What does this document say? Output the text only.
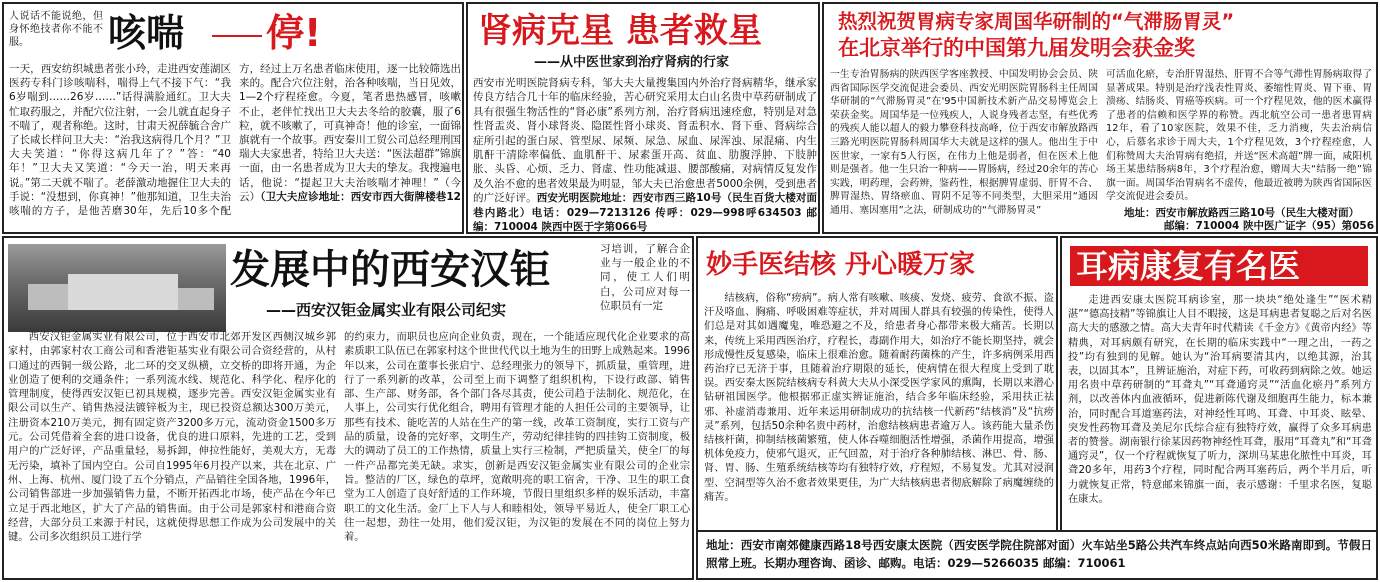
人说话不能说绝，但身怀绝技者你不能不服。	咳喘 停!

一天，西安纺织城患者张小玲，走进西安莲湖区医药专科门诊咳喘科，喘得上气不接下气：“我6岁喘到……26岁……”话得满脸通红。卫大夫忙取药服之，并配穴位注射，一会儿就直起身子不喘了，观者称绝。这时，甘肃天祝薛毓合舍广了长咸长样问卫大夫：“治我这病得几个月？”卫大夫笑道：“你得这病几年了？”答：“40年！”卫大夫又笑道：“今天一治，明天来再说。”第二天就不喘了。老薛激动地握住卫大夫的手说：“没想到，你真神！”他那知道，卫生夫治咳喘的方子，是他苦磨30年，先后10多个配方，经过上万名患者临床使用，逐一比较筛选出来的。配合穴位注射，治各种咳喘，当日见效，1—2个疗程痊愈。今夏，笔者患热感冒，咳嗽不止，老伴忙找出卫大夫去冬给的胶囊，服了6粒，就不咳嗽了，可真神奇！他的诊室，一面锦旗就有一个故事。西安秦川工贸公司总经理刑国瑞大夫家患者，特给卫大夫送：“医法超群”锦旗一面，由一名患者成为卫大夫的挚友。我搜遍电话，他说：“提起卫大夫治咳喘才神哩！”（今云）（卫大夫应诊地址：西安市西大街牌楼巷12

肾病克星 患者救星
——从中医世家到治疗肾病的行家

西安市光明医院肾病专科，邹大夫大量搜集国内外治疗肾病精华，继承家传良方结合几十年的临床经验，苦心研究采用太白山名贵中草药研制成了具有很强生物活性的“肾必康”系列方剂，治疗肾病迅速痊愈，特别是对急性肾盂炎、肾小球肾炎、隐匿性肾小球炎、肾盂积水、肾下垂、肾病综合症所引起的蛋白尿、管型尿、尿频、尿急、尿血、尿浑浊、尿混痛、内生肌酐干清除率偏低、血肌酐干、尿素蛋开高、贫血、肋腹浮肿、下肢肿胀、头昏、心烦、乏力、肾虚、性功能减退、腰部酸痛，对病情反复发作及久治不愈的患者效果最为明显，邹大夫已治愈患者5000余例，受到患者的广泛好评。西安光明医院地址：西安市西三路10号（民生百货大楼对面巷内路北）电话：029—7213126 传呼：029—998呼634503 邮编：710004 陕西中医于字第066号

热烈祝贺胃病专家周国华研制的“气滞肠胃灵”
在北京举行的中国第九届发明会获金奖

一生专治胃肠病的陕西医学客座教授、中国发明协会会员、陕西省国际医学交流促进会委员、西安光明医院胃肠科主任周国华研制的“气滞肠胃灵”在'95中国新技术新产品交易博览会上荣获金奖。周国华是一位残疾人，人说身残者志坚，有些优秀的残疾人能以超人的毅力攀登科技高峰，位于西安市解放路西三路光明医院胃肠科周国华大夫就是这样的强人。他出生于中医世家，一家有5人行医，在伟力上他是弱者，但在医术上他则是强者。他一生只治一种病——胃肠病，经过20余年的苦心实践，明药理，会药辨，鉴药性，根据脾胃虚弱、肝胃不合、脾胃湿热、胃络瘀血、胃阴不足等不同类型，大胆采用“通因通用、塞因塞用”之法，研制成功的“气滞肠胃灵”

可活血化瘀，专治肝胃湿热、肝胃不合等气滞性胃肠病取得了显著成果。特别是治疗浅表性胃炎、萎缩性胃炎、胃下垂、胃溃疡、结肠炎、胃癌等疾病。可一个疗程见效，他的医术赢得了患者的信赖和医学界的称赞。西北航空公司一患者患胃病12年，看了10家医院，效果不佳，乏力消瘦，失去治病信心，后慕名求诊于周大夫，1个疗程见效，3个疗程痊愈，人们称赞周大夫治胃病有绝招，并送“医术高超”牌一面，咸阳机场王某患结肠病8年，3个疗程治愈，赠周大夫“结肠一绝”锦旗一面。周国华治胃病名不虚传，他最近被聘为陕西省国际医学交流促进会委员。

地址：西安市解放路西三路10号（民生大楼对面）
邮编：710004 陕中医广证字（95）第056
发展中的西安汉钜
——西安汉钜金属实业有限公司纪实

习培训，了解合企业与一般企业的不同，使工人们明白，公司应对每一位职员有一定

西安汉钜金属实业有限公司，位于西安市北郊开发区西侧汉城乡郭家村，由郭家村农工商公司和香港钜基实业有限公司合资经营的，从村口通过的西铜一级公路，北二环的交叉纵横，立交桥的即将开通，为企业创造了便利的交通条件；一系列流水线、规范化、科学化、程序化的管理制度，使得西安汉钜已初具规模，逐步完善。西安汉钜金属实业有限公司以生产、销售热浸法镀锌板为主，现已投资总额达300万美元，注册资本210万美元，拥有固定资产3200多万元，流动资金1500多万元。公司凭借着全套的进口设备，优良的进口原料，先进的工艺，受到用户的广泛好评，产品重量轻，易拆卸，伸拉性能好，美观大方，无毒无污染，填补了国内空白。公司自1995年6月投产以来，共在北京、广州、上海、杭州、厦门设了五个分销点，产品销往全国各地，1996年，公司销售部进一步加强销售力量，不断开拓西北市场，使产品在今年已立足于西北地区，扩大了产品的销售面。由于公司是郭家村和港商合资经营，大部分员工来源于村民，这就使得思想工作成为公司发展中的关键。公司多次组织员工进行学

的约束力，而职员也应向企业负责，现在，一个能适应现代化企业要求的高素质职工队伍已在郭家村这个世世代代以土地为生的田野上成熟起来。1996年以来，公司在董事长张启宁、总经理张力的领导下，抓质量，重管理，进行了一系列新的改革，公司至上而下调整了组织机构，下设行政部、销售部、生产部、财务部，各个部门各尽其责，使公司趋于法制化、规范化，在人事上，公司实行优化组合，聘用有管理才能的人担任公司的主要领导，让那些有技术、能吃苦的人站在生产的第一线，改革工资制度，实行工资与产品的质量，设备的完好率，文明生产，劳动纪律挂钩的四挂钩工资制度，极大的调动了员工的工作热情，质量上实行三检制，严把质量关，使全厂的每一件产品都完美无缺。求实，创新是西安汉钜金属实业有限公司的企业宗旨。整洁的厂区，绿色的草坪，宽敞明亮的职工宿舍，干净、卫生的职工食堂为工人创造了良好舒适的工作环境，节假日里组织多样的娱乐活动，丰富职工的文化生活。金厂上下人与人和睦相处，领导平易近人，使全厂职工心往一起想，劲往一处用，他们爱汉钜，为汉钜的发展在不同的岗位上努力着。

妙手医结核 丹心暖万家

结核病，俗称“痨病”。病人常有咳嗽、咳痰、发烧、疲劳、食欲不振、盗汗及咯血、胸痛、呼吸困难等症状，并对周围人群具有较强的传染性，使得人们总是对其如遇魔鬼，唯恐避之不及，给患者身心都带来极大痛苦。长期以来，传统上采用西医治疗，疗程长，毒副作用大，如治疗不能长期坚持，就会形成慢性反复感染，临床上很难治愈。随着耐药菌株的产生，许多病例采用西药治疗已无济于事，且随着治疗期限的延长，使病情在很大程度上受到了耽误。西安秦太医院结核病专科黄大夫从小深受医学家风的熏陶，长期以来潜心钻研祖国医学。他根据邪正虚实辨证施治，结合多年临床经验，采用扶正祛邪、补虚消毒兼用、近年来运用研制成功的抗结核一代新药“结核消”及“抗痨灵”系列，包括50余种名贵中药材，治愈结核病患者逾万人。该药能大量杀伤结核杆菌，抑制结核菌繁殖，使人体吞噬细胞活性增强，杀菌作用提高，增强机体免疫力，使邪气退灭，正气回盈，对于治疗各种肺结核、淋巴、骨、肠、肾、胃、肠、生殖系统结核等均有独特疗效，疗程短，不易复发。尤其对浸润型、空洞型等久治不愈者效果更佳，为广大结核病患者彻底解除了病魔缠绕的痛苦。

耳病康复有名医

走进西安康太医院耳病诊室，那一块块“绝处逢生”“医术精湛”“德高技精”等锦旗让人目不暇接，这是耳病患者复聪之后对名医高大夫的感激之情。高大夫青年时代精读《千金方》《黄帝内经》等精典，对耳病颇有研究，在长期的临床实践中“一理之出，一药之投”均有独到的见解。她认为“治耳病要清其内，以绝其源，治其表，以固其本”，且辨证施治，对症下药，可收药到病除之效。她运用名贵中草药研制的“耳聋丸”“耳聋通窍灵”“活血化瘀丹”系列方剂，以改善体内血液循环，促进新陈代谢及细胞再生能力，标本兼治，同时配合耳道塞药法，对神经性耳鸣、耳聋、中耳炎、眩晕、突发性药物耳聋及美尼尔氏综合症有独特疗效，赢得了众多耳病患者的赞誉。湖南银行徐某因药物神经性耳聋，服用“耳聋丸”和“耳聋通窍灵”，仅一个疗程就恢复了听力，深圳马某患化脓性中耳炎，耳聋20多年，用药3个疗程，同时配合两耳塞药后，两个半月后，听力就恢复正常，特意邮来锦旗一面，表示感谢：千里求名医，复聪在康太。

地址：西安市南郊健康西路18号西安康太医院（西安医学院住院部对面）火车站坐5路公共汽车终点站向西50米路南即到。节假日照常上班。长期办理咨询、函诊、邮购。电话：029—5266035 邮编：710061
